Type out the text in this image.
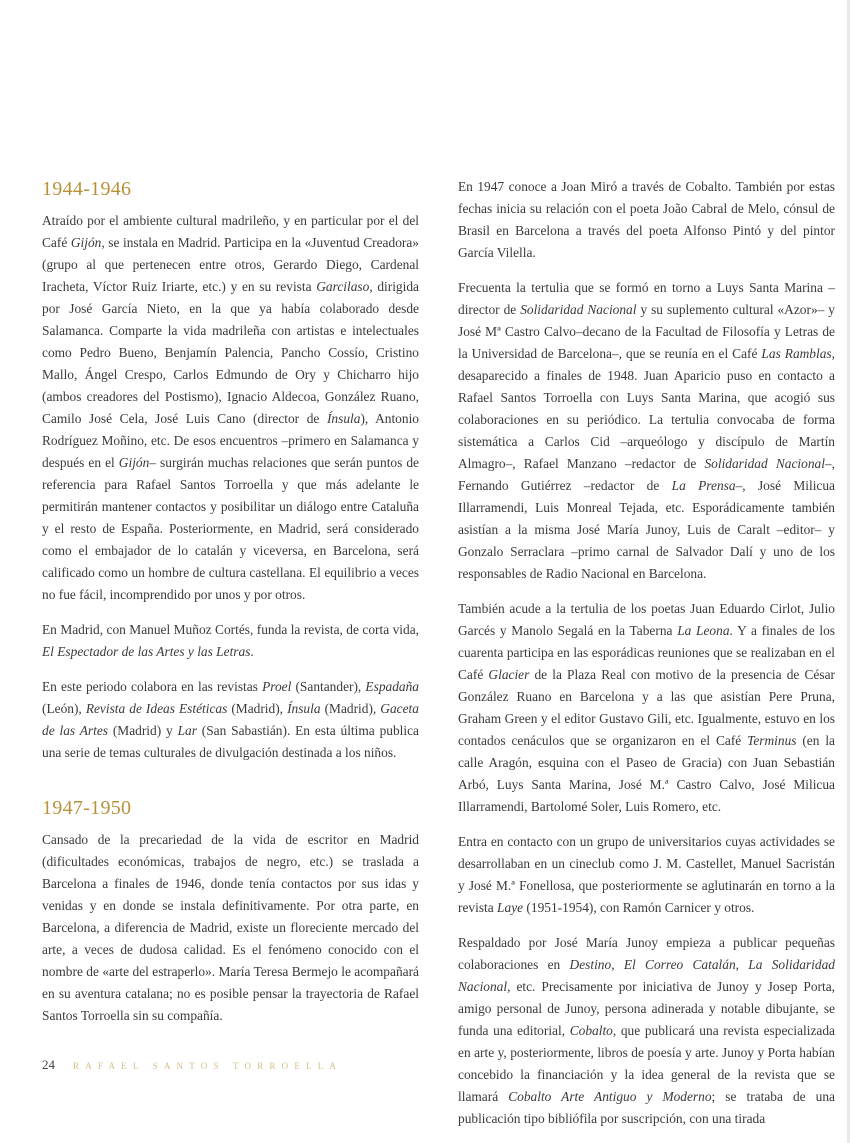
1944-1946

Atraído por el ambiente cultural madrileño, y en particular por el del Café Gijón, se instala en Madrid. Participa en la «Juventud Creadora» (grupo al que pertenecen entre otros, Gerardo Diego, Cardenal Iracheta, Víctor Ruiz Iriarte, etc.) y en su revista Garcilaso, dirigida por José García Nieto, en la que ya había colaborado desde Salamanca. Comparte la vida madrileña con artistas e intelectuales como Pedro Bueno, Benjamín Palencia, Pancho Cossío, Cristino Mallo, Ángel Crespo, Carlos Edmundo de Ory y Chicharro hijo (ambos creadores del Postismo), Ignacio Aldecoa, González Ruano, Camilo José Cela, José Luis Cano (director de Ínsula), Antonio Rodríguez Moñino, etc. De esos encuentros –primero en Salamanca y después en el Gijón– surgirán muchas relaciones que serán puntos de referencia para Rafael Santos Torroella y que más adelante le permitirán mantener contactos y posibilitar un diálogo entre Cataluña y el resto de España. Posteriormente, en Madrid, será considerado como el embajador de lo catalán y viceversa, en Barcelona, será calificado como un hombre de cultura castellana. El equilibrio a veces no fue fácil, incomprendido por unos y por otros.

En Madrid, con Manuel Muñoz Cortés, funda la revista, de corta vida, El Espectador de las Artes y las Letras.

En este periodo colabora en las revistas Proel (Santander), Espadaña (León), Revista de Ideas Estéticas (Madrid), Ínsula (Madrid), Gaceta de las Artes (Madrid) y Lar (San Sabastián). En esta última publica una serie de temas culturales de divulgación destinada a los niños.

1947-1950

Cansado de la precariedad de la vida de escritor en Madrid (dificultades económicas, trabajos de negro, etc.) se traslada a Barcelona a finales de 1946, donde tenía contactos por sus idas y venidas y en donde se instala definitivamente. Por otra parte, en Barcelona, a diferencia de Madrid, existe un floreciente mercado del arte, a veces de dudosa calidad. Es el fenómeno conocido con el nombre de «arte del estraperlo». María Teresa Bermejo le acompañará en su aventura catalana; no es posible pensar la trayectoria de Rafael Santos Torroella sin su compañía.

24 RAFAEL SANTOS TORROELLA

En 1947 conoce a Joan Miró a través de Cobalto. También por estas fechas inicia su relación con el poeta João Cabral de Melo, cónsul de Brasil en Barcelona a través del poeta Alfonso Pintó y del pintor García Vilella.

Frecuenta la tertulia que se formó en torno a Luys Santa Marina –director de Solidaridad Nacional y su suplemento cultural «Azor»– y José Mª Castro Calvo–decano de la Facultad de Filosofía y Letras de la Universidad de Barcelona–, que se reunía en el Café Las Ramblas, desaparecido a finales de 1948. Juan Aparicio puso en contacto a Rafael Santos Torroella con Luys Santa Marina, que acogió sus colaboraciones en su periódico. La tertulia convocaba de forma sistemática a Carlos Cid –arqueólogo y discípulo de Martín Almagro–, Rafael Manzano –redactor de Solidaridad Nacional–, Fernando Gutiérrez –redactor de La Prensa–, José Milicua Illarramendi, Luis Monreal Tejada, etc. Esporádicamente también asistían a la misma José María Junoy, Luis de Caralt –editor– y Gonzalo Serraclara –primo carnal de Salvador Dalí y uno de los responsables de Radio Nacional en Barcelona.

También acude a la tertulia de los poetas Juan Eduardo Cirlot, Julio Garcés y Manolo Segalá en la Taberna La Leona. Y a finales de los cuarenta participa en las esporádicas reuniones que se realizaban en el Café Glacier de la Plaza Real con motivo de la presencia de César González Ruano en Barcelona y a las que asistían Pere Pruna, Graham Green y el editor Gustavo Gili, etc. Igualmente, estuvo en los contados cenáculos que se organizaron en el Café Terminus (en la calle Aragón, esquina con el Paseo de Gracia) con Juan Sebastián Arbó, Luys Santa Marina, José M.ª Castro Calvo, José Milicua Illarramendi, Bartolomé Soler, Luis Romero, etc.

Entra en contacto con un grupo de universitarios cuyas actividades se desarrollaban en un cineclub como J. M. Castellet, Manuel Sacristán y José M.ª Fonellosa, que posteriormente se aglutinarán en torno a la revista Laye (1951-1954), con Ramón Carnicer y otros.

Respaldado por José María Junoy empieza a publicar pequeñas colaboraciones en Destino, El Correo Catalán, La Solidaridad Nacional, etc. Precisamente por iniciativa de Junoy y Josep Porta, amigo personal de Junoy, persona adinerada y notable dibujante, se funda una editorial, Cobalto, que publicará una revista especializada en arte y, posteriormente, libros de poesía y arte. Junoy y Porta habían concebido la financiación y la idea general de la revista que se llamará Cobalto Arte Antiguo y Moderno; se trataba de una publicación tipo bibliófila por suscripción, con una tirada
